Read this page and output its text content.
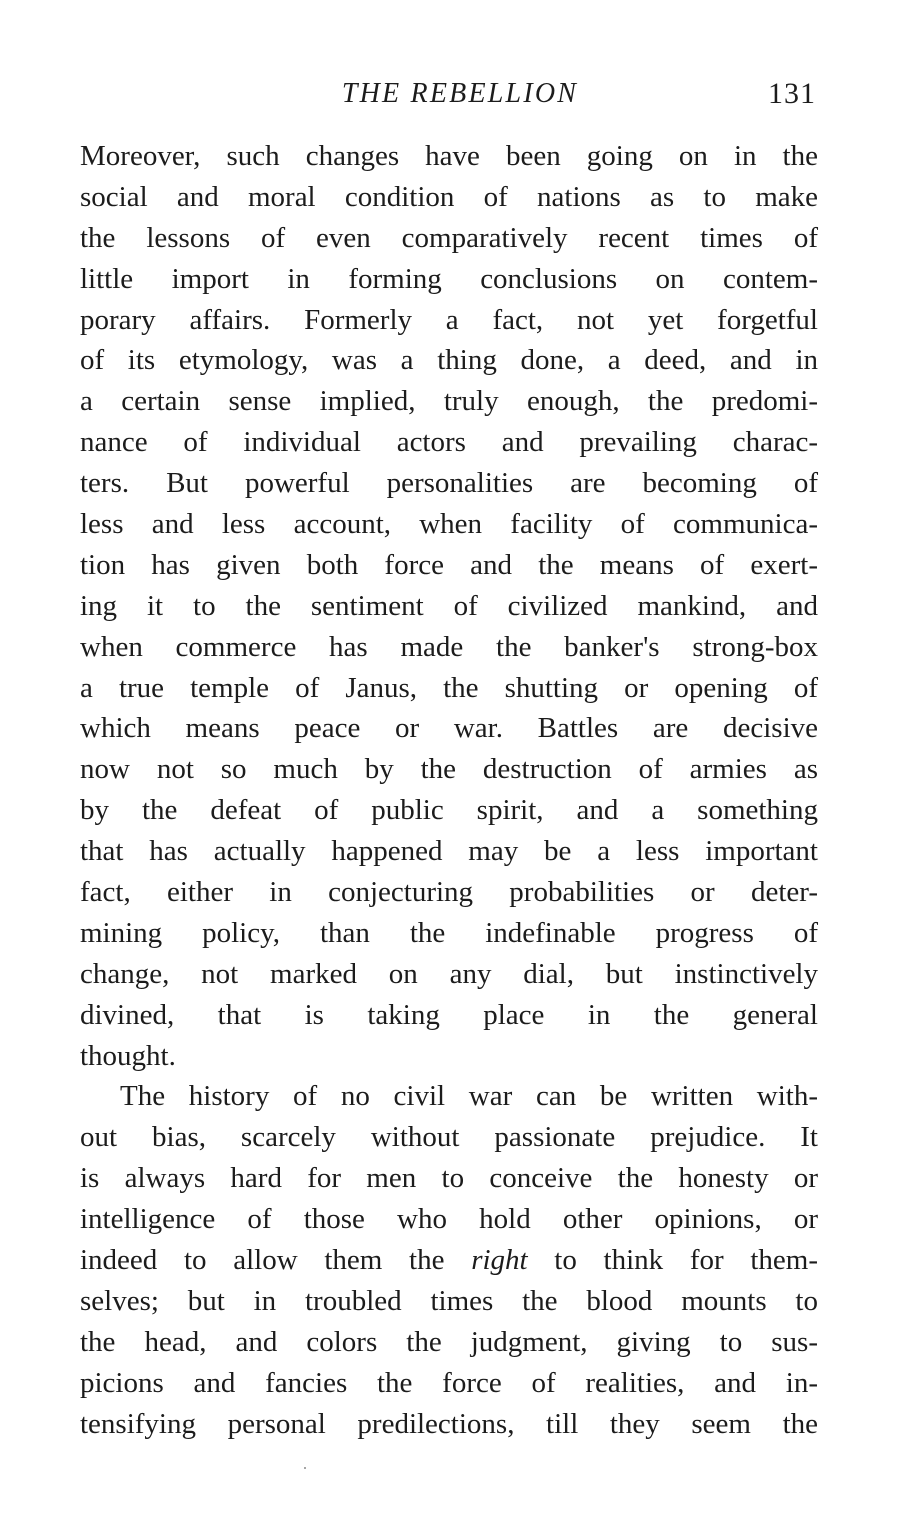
THE REBELLION	131
Moreover, such changes have been going on in the
social and moral condition of nations as to make
the lessons of even comparatively recent times of
little import in forming conclusions on contem-
porary affairs. Formerly a fact, not yet forgetful
of its etymology, was a thing done, a deed, and in
a certain sense implied, truly enough, the predomi-
nance of individual actors and prevailing charac-
ters. But powerful personalities are becoming of
less and less account, when facility of communica-
tion has given both force and the means of exert-
ing it to the sentiment of civilized mankind, and
when commerce has made the banker's strong-box
a true temple of Janus, the shutting or opening of
which means peace or war. Battles are decisive
now not so much by the destruction of armies as
by the defeat of public spirit, and a something
that has actually happened may be a less important
fact, either in conjecturing probabilities or deter-
mining policy, than the indefinable progress of
change, not marked on any dial, but instinctively
divined, that is taking place in the general
thought.
The history of no civil war can be written with-
out bias, scarcely without passionate prejudice. It
is always hard for men to conceive the honesty or
intelligence of those who hold other opinions, or
indeed to allow them the right to think for them-
selves; but in troubled times the blood mounts to
the head, and colors the judgment, giving to sus-
picions and fancies the force of realities, and in-
tensifying personal predilections, till they seem the
